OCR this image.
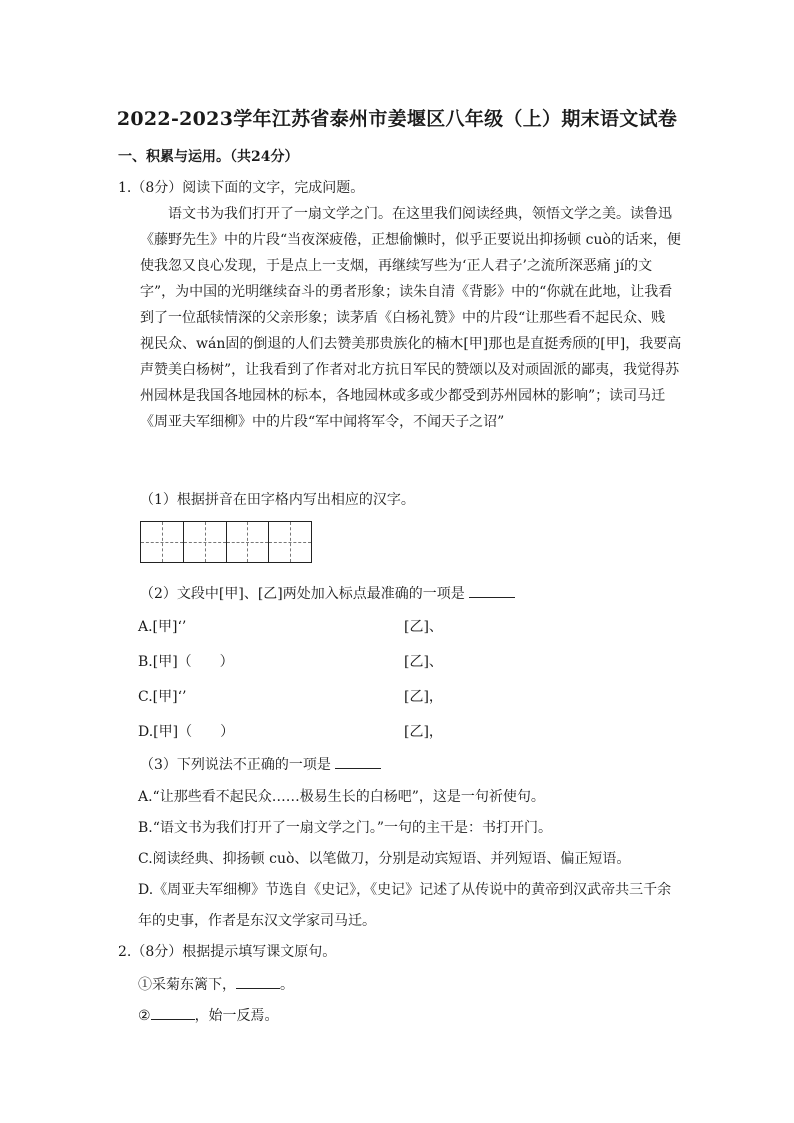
2022-2023学年江苏省泰州市姜堰区八年级（上）期末语文试卷
一、积累与运用。（共24分）
1.（8分）阅读下面的文字，完成问题。

语文书为我们打开了一扇文学之门。在这里我们阅读经典，领悟文学之美。读鲁迅

《藤野先生》中的片段“当夜深疲倦，正想偷懒时，似乎正要说出抑扬顿 cuò的话来，便

使我忽又良心发现，于是点上一支烟，再继续写些为‘正人君子’之流所深恶痛 jí的文

字”，为中国的光明继续奋斗的勇者形象；读朱自清《背影》中的“你就在此地，让我看

到了一位舐犊情深的父亲形象；读茅盾《白杨礼赞》中的片段“让那些看不起民众、贱

视民众、wán固的倒退的人们去赞美那贵族化的楠木[甲]那也是直挺秀颀的[甲]，我要高

声赞美白杨树”，让我看到了作者对北方抗日军民的赞颂以及对顽固派的鄙夷，我觉得苏

州园林是我国各地园林的标本，各地园林或多或少都受到苏州园林的影响”；读司马迁

《周亚夫军细柳》中的片段“军中闻将军令，不闻天子之诏”

（1）根据拼音在田字格内写出相应的汉字。
（2）文段中[甲]、[乙]两处加入标点最准确的一项是
A.[甲]‘’	[乙]、
B.[甲]（　　）	[乙]、
C.[甲]‘’	[乙]，
D.[甲]（　　）	[乙]，
（3）下列说法不正确的一项是
A.“让那些看不起民众……极易生长的白杨吧”，这是一句祈使句。
B.“语文书为我们打开了一扇文学之门。”一句的主干是：书打开门。
C.阅读经典、抑扬顿 cuò、以笔做刀，分别是动宾短语、并列短语、偏正短语。
D.《周亚夫军细柳》节选自《史记》，《史记》记述了从传说中的黄帝到汉武帝共三千余
年的史事，作者是东汉文学家司马迁。
2.（8分）根据提示填写课文原句。
①采菊东篱下，	。
②	，始一反焉。
